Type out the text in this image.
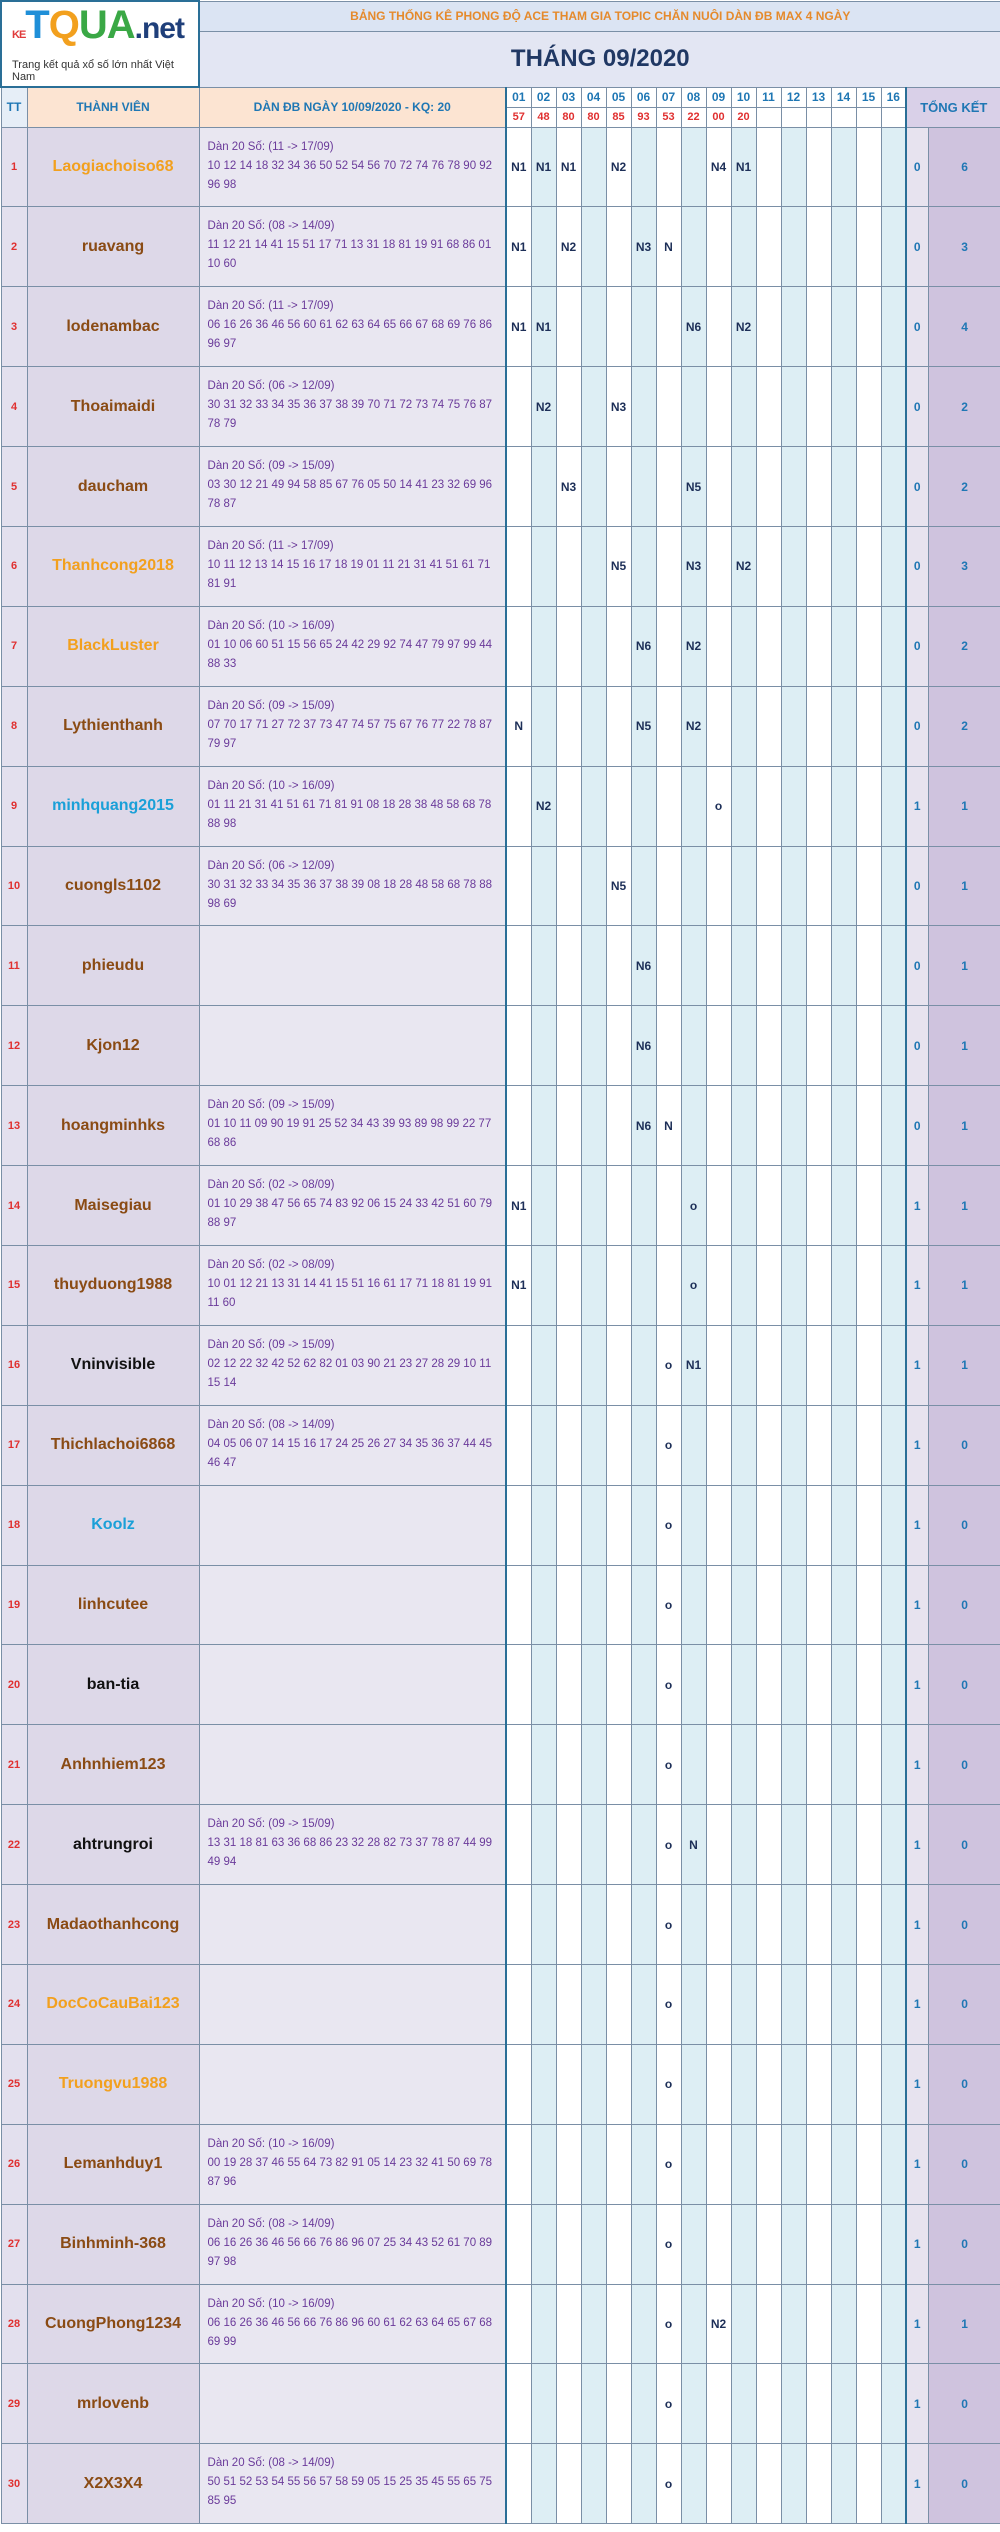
KETQUA.net
Trang kết quả xổ số lớn nhất Việt Nam		BẢNG THỐNG KÊ PHONG ĐỘ ACE THAM GIA TOPIC CHĂN NUÔI DÀN ĐB MAX 4 NGÀY																		
		THÁNG 09/2020																		
TT	THÀNH VIÊN	DÀN ĐB NGÀY 10/09/2020 - KQ: 20	01	02	03	04	05	06	07	08	09	10	11	12	13	14	15	16	TỔNG KẾT	
			57	48	80	80	85	93	53	22	00	20								
1	Laogiachoiso68	Dàn 20 Số: (11 -> 17/09)
10 12 14 18 32 34 36 50 52 54 56 70 72 74 76 78 90 92 96 98	N1	N1	N1		N2				N4	N1							0	6
2	ruavang	Dàn 20 Số: (08 -> 14/09)
11 12 21 14 41 15 51 17 71 13 31 18 81 19 91 68 86 01 10 60	N1		N2			N3	N										0	3
3	lodenambac	Dàn 20 Số: (11 -> 17/09)
06 16 26 36 46 56 60 61 62 63 64 65 66 67 68 69 76 86 96 97	N1	N1						N6		N2							0	4
4	Thoaimaidi	Dàn 20 Số: (06 -> 12/09)
30 31 32 33 34 35 36 37 38 39 70 71 72 73 74 75 76 87 78 79		N2			N3												0	2
5	daucham	Dàn 20 Số: (09 -> 15/09)
03 30 12 21 49 94 58 85 67 76 05 50 14 41 23 32 69 96 78 87			N3					N5									0	2
6	Thanhcong2018	Dàn 20 Số: (11 -> 17/09)
10 11 12 13 14 15 16 17 18 19 01 11 21 31 41 51 61 71 81 91					N5			N3		N2							0	3
7	BlackLuster	Dàn 20 Số: (10 -> 16/09)
01 10 06 60 51 15 56 65 24 42 29 92 74 47 79 97 99 44 88 33						N6		N2									0	2
8	Lythienthanh	Dàn 20 Số: (09 -> 15/09)
07 70 17 71 27 72 37 73 47 74 57 75 67 76 77 22 78 87 79 97	N					N5		N2									0	2
9	minhquang2015	Dàn 20 Số: (10 -> 16/09)
01 11 21 31 41 51 61 71 81 91 08 18 28 38 48 58 68 78 88 98		N2							o								1	1
10	cuongls1102	Dàn 20 Số: (06 -> 12/09)
30 31 32 33 34 35 36 37 38 39 08 18 28 48 58 68 78 88 98 69					N5												0	1
11	phieudu							N6											0	1
12	Kjon12							N6											0	1
13	hoangminhks	Dàn 20 Số: (09 -> 15/09)
01 10 11 09 90 19 91 25 52 34 43 39 93 89 98 99 22 77 68 86						N6	N										0	1
14	Maisegiau	Dàn 20 Số: (02 -> 08/09)
01 10 29 38 47 56 65 74 83 92 06 15 24 33 42 51 60 79 88 97	N1							o									1	1
15	thuyduong1988	Dàn 20 Số: (02 -> 08/09)
10 01 12 21 13 31 14 41 15 51 16 61 17 71 18 81 19 91 11 60	N1							o									1	1
16	Vninvisible	Dàn 20 Số: (09 -> 15/09)
02 12 22 32 42 52 62 82 01 03 90 21 23 27 28 29 10 11 15 14							o	N1									1	1
17	Thichlachoi6868	Dàn 20 Số: (08 -> 14/09)
04 05 06 07 14 15 16 17 24 25 26 27 34 35 36 37 44 45 46 47							o										1	0
18	Koolz								o										1	0
19	linhcutee								o										1	0
20	ban-tia								o										1	0
21	Anhnhiem123								o										1	0
22	ahtrungroi	Dàn 20 Số: (09 -> 15/09)
13 31 18 81 63 36 68 86 23 32 28 82 73 37 78 87 44 99 49 94							o	N									1	0
23	Madaothanhcong								o										1	0
24	DocCoCauBai123								o										1	0
25	Truongvu1988								o										1	0
26	Lemanhduy1	Dàn 20 Số: (10 -> 16/09)
00 19 28 37 46 55 64 73 82 91 05 14 23 32 41 50 69 78 87 96							o										1	0
27	Binhminh-368	Dàn 20 Số: (08 -> 14/09)
06 16 26 36 46 56 66 76 86 96 07 25 34 43 52 61 70 89 97 98							o										1	0
28	CuongPhong1234	Dàn 20 Số: (10 -> 16/09)
06 16 26 36 46 56 66 76 86 96 60 61 62 63 64 65 67 68 69 99							o		N2								1	1
29	mrlovenb								o										1	0
30	X2X3X4	Dàn 20 Số: (08 -> 14/09)
50 51 52 53 54 55 56 57 58 59 05 15 25 35 45 55 65 75 85 95							o										1	0
